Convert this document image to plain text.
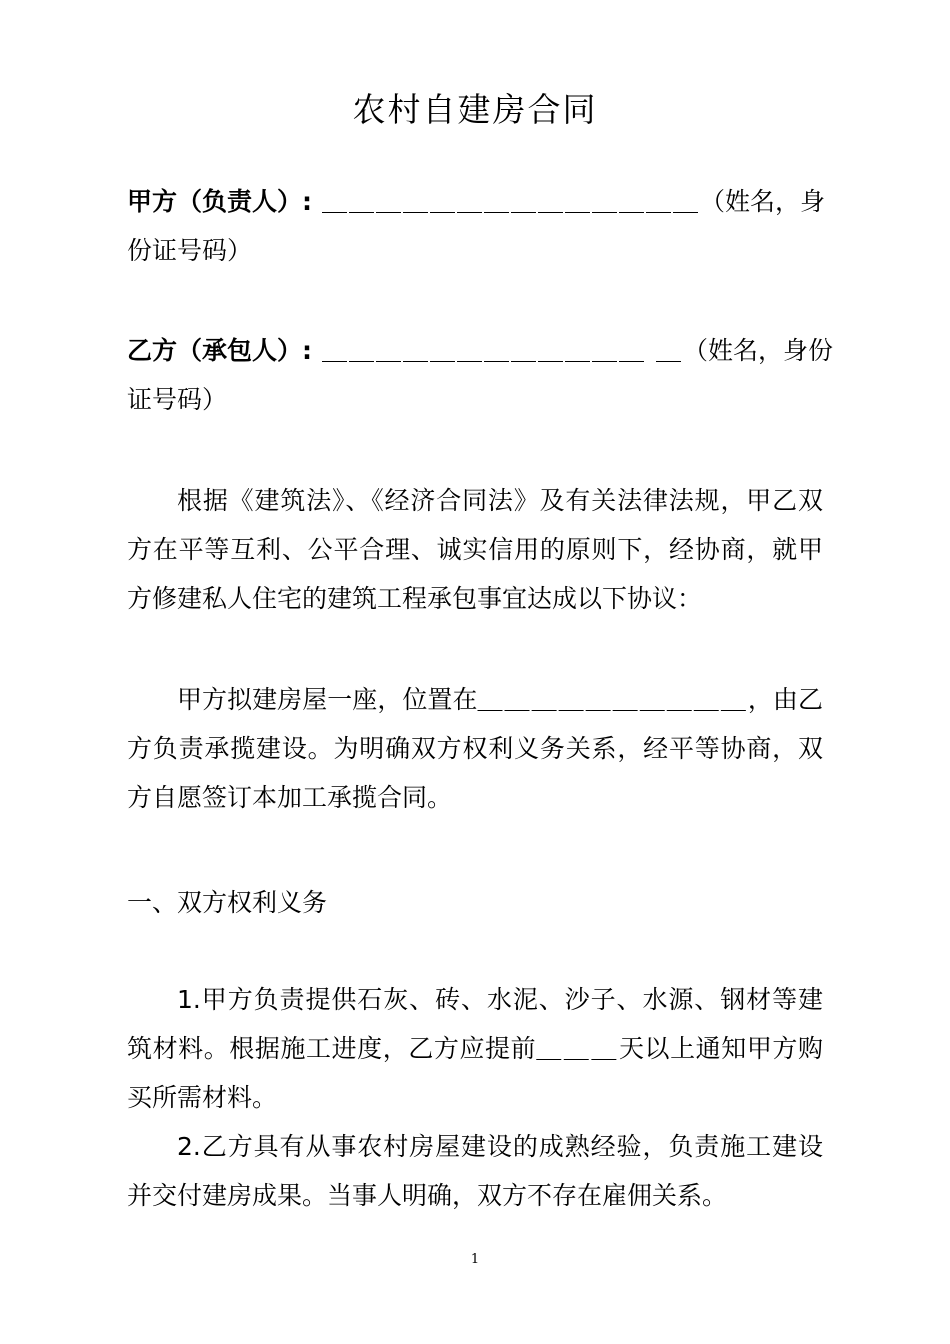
农村自建房合同
甲方（负责人）: ＿＿＿＿＿＿＿＿＿＿＿＿＿＿ （姓名，身
份证号码）
乙方（承包人）: ＿＿＿＿＿＿＿＿＿＿＿＿ ＿ （姓名，身份
证号码）
根据《建筑法》、《经济合同法》及有关法律法规，甲乙双方在平等互利、公平合理、诚实信用的原则下，经协商，就甲方修建私人住宅的建筑工程承包事宜达成以下协议：
甲方拟建房屋一座，位置在＿＿＿＿＿＿＿＿＿＿，由乙方负责承揽建设。为明确双方权利义务关系，经平等协商，双方自愿签订本加工承揽合同。
一、双方权利义务
1.甲方负责提供石灰、砖、水泥、沙子、水源、钢材等建筑材料。根据施工进度，乙方应提前＿＿＿天以上通知甲方购买所需材料。
2.乙方具有从事农村房屋建设的成熟经验，负责施工建设并交付建房成果。当事人明确，双方不存在雇佣关系。
1
